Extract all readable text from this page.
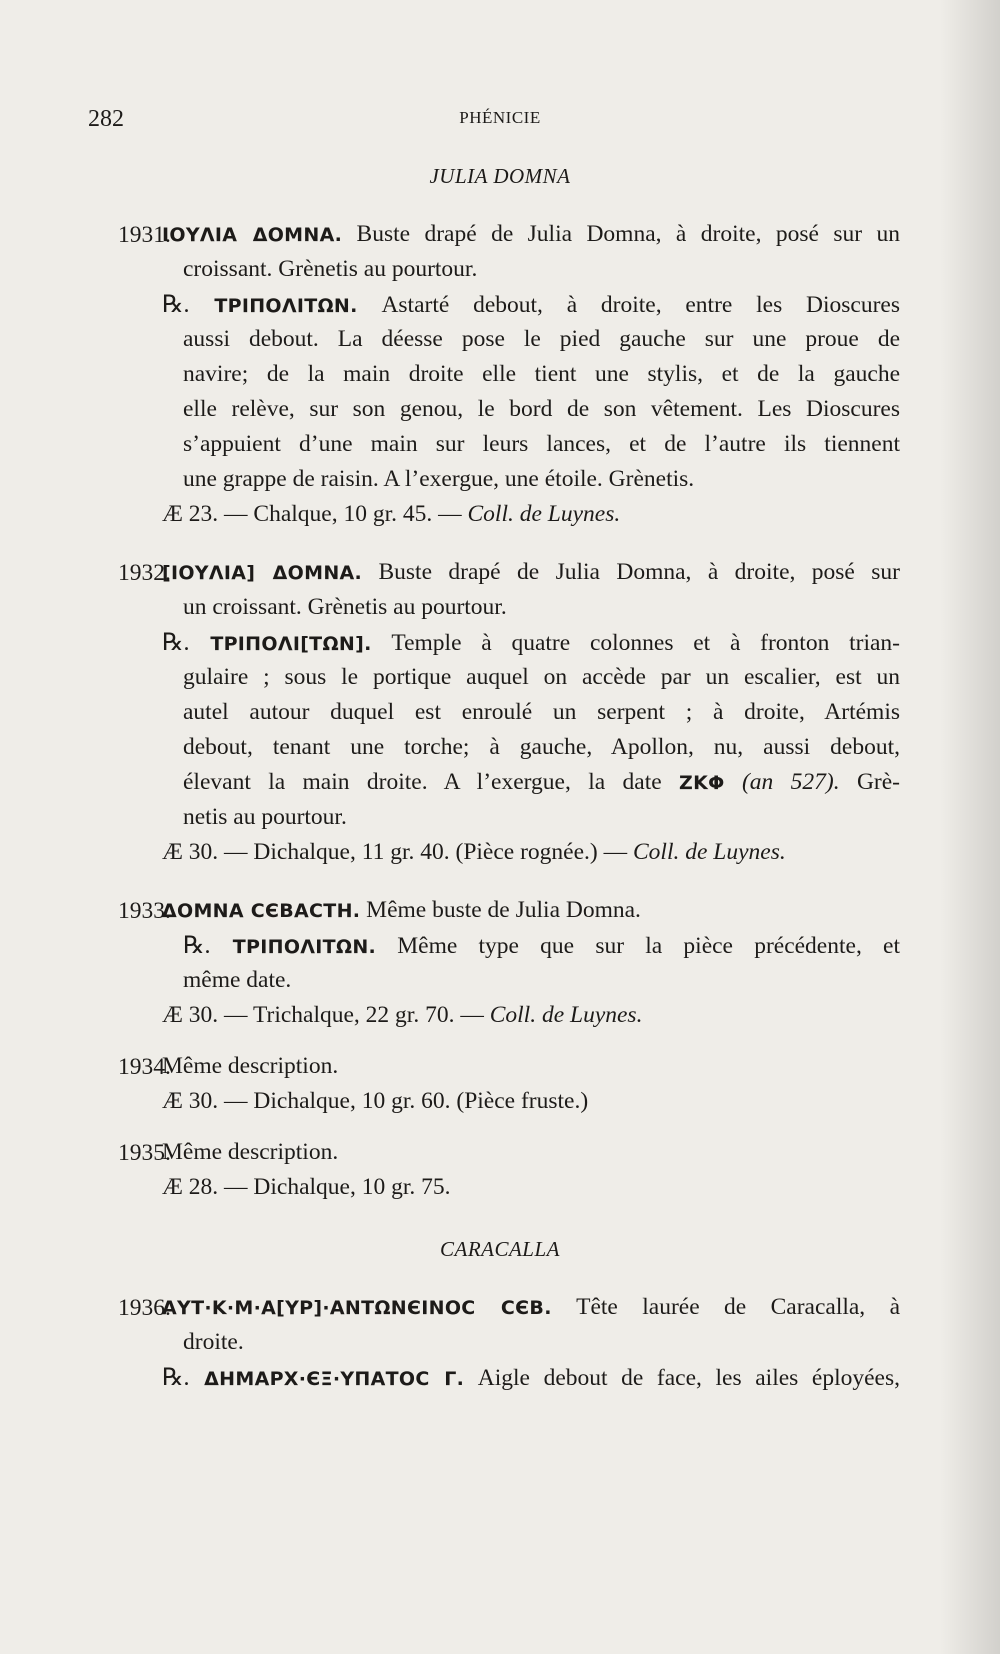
282	PHÉNICIE
JULIA DOMNA
1931.
ΙΟΥΛΙΑ ΔΟΜΝΑ. Buste drapé de Julia Domna, à droite, posé sur un
croissant. Grènetis au pourtour.
℞. ΤΡΙΠΟΛΙΤΩΝ. Astarté debout, à droite, entre les Dioscures
aussi debout. La déesse pose le pied gauche sur une proue de
navire; de la main droite elle tient une stylis, et de la gauche
elle relève, sur son genou, le bord de son vêtement. Les Dioscures
s’appuient d’une main sur leurs lances, et de l’autre ils tiennent
une grappe de raisin. A l’exergue, une étoile. Grènetis.
Æ 23. — Chalque, 10 gr. 45. — Coll. de Luynes.
1932.
[ΙΟΥΛΙΑ] ΔΟΜΝΑ. Buste drapé de Julia Domna, à droite, posé sur
un croissant. Grènetis au pourtour.
℞. ΤΡΙΠΟΛΙ[ΤΩΝ]. Temple à quatre colonnes et à fronton trian-
gulaire ; sous le portique auquel on accède par un escalier, est un
autel autour duquel est enroulé un serpent ; à droite, Artémis
debout, tenant une torche; à gauche, Apollon, nu, aussi debout,
élevant la main droite. A l’exergue, la date ΖΚΦ (an 527). Grè-
netis au pourtour.
Æ 30. — Dichalque, 11 gr. 40. (Pièce rognée.) — Coll. de Luynes.
1933.
ΔΟΜΝΑ CЄΒΑCΤΗ. Même buste de Julia Domna.
℞. ΤΡΙΠΟΛΙΤΩΝ. Même type que sur la pièce précédente, et
même date.
Æ 30. — Trichalque, 22 gr. 70. — Coll. de Luynes.
1934.
Même description.
Æ 30. — Dichalque, 10 gr. 60. (Pièce fruste.)
1935.
Même description.
Æ 28. — Dichalque, 10 gr. 75.
CARACALLA
1936.
ΑΥΤ·Κ·Μ·Α[ΥΡ]·ΑΝΤΩΝЄΙΝΟC CЄΒ. Tête laurée de Caracalla, à
droite.
℞. ΔΗΜΑΡΧ·ЄΞ·ΥΠΑΤΟC Γ. Aigle debout de face, les ailes éployées,
